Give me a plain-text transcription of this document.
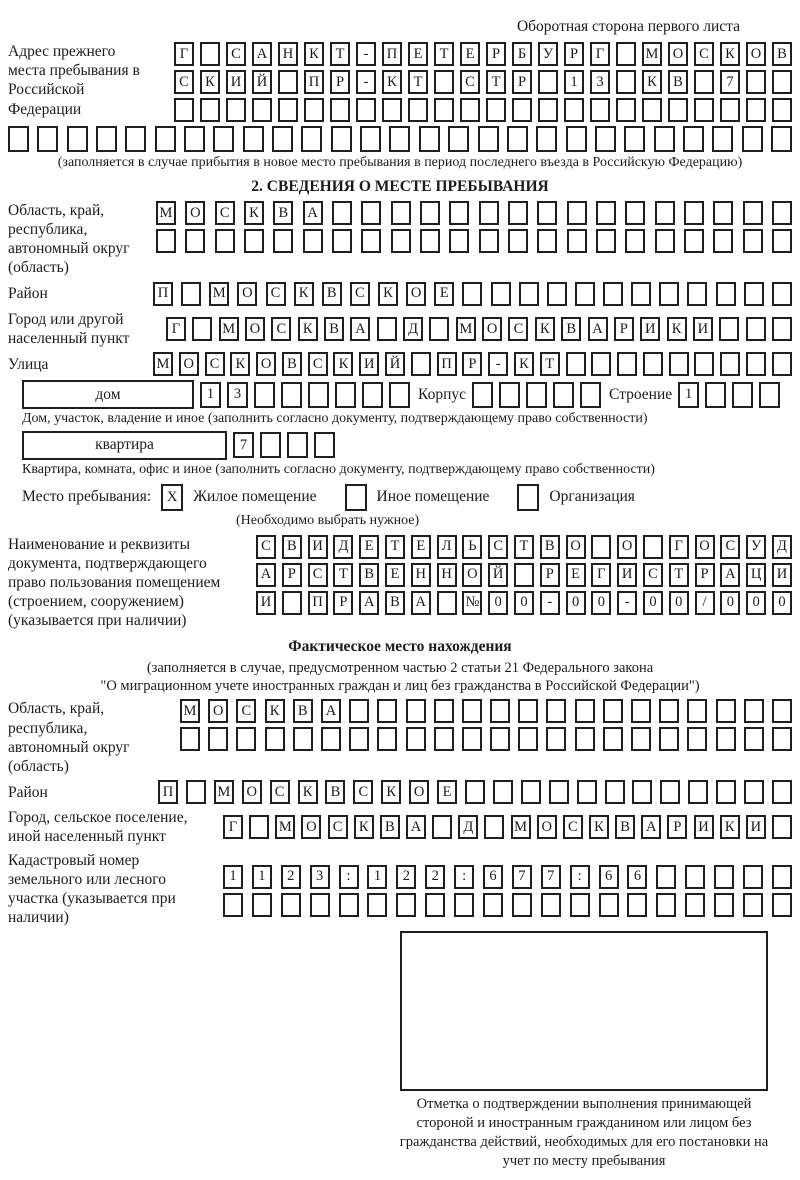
Оборотная сторона первого листа
Адрес прежнего места пребывания в Российской Федерации
Г	С	А	Н	К	Т	-	П	Е	Т	Е	Р	Б	У	Р	Г	М О	С	К	О	В
С	К	И	Й	П	Р	-	К	Т	С	Т	Р	1	3	К	В	7
(заполняется в случае прибытия в новое место пребывания в период последнего въезда в Российскую Федерацию)
2. СВЕДЕНИЯ О МЕСТЕ ПРЕБЫВАНИЯ
Область, край, республика, автономный округ (область)
М	О	С	К	В	А
Район	П	М	О	С	К	В	С	К	О	Е
Город или другой населенный пункт
Г	М	О	С	К	В	А	Д	М	О	С	К	В	А	Р	И	К	И
Улица	М О	С	К	О	В	С	К	И	Й	П	Р	-	К	Т
дом	1	3	Корпус	Строение 1
Дом, участок, владение и иное (заполнить согласно документу, подтверждающему право собственности)
квартира	7
Квартира, комната, офис и иное (заполнить согласно документу, подтверждающему право собственности)
Место пребывания:	X	Жилое помещение	Иное помещение	Организация
(Необходимо выбрать нужное)
Наименование и реквизиты документа, подтверждающего право пользования помещением (строением, сооружением) (указывается при наличии)
С	В	И	Д	Е	Т	Е	Л	Ь	С	Т	В	О	О	Г	О	С	У	Д
А	Р	С	Т	В	Е	Н	Н	О	Й	Р	Е	Г	И	С	Т	Р	А	Ц	И
И	П	Р	А	В	А	№	0	0	-	0	0	-	0	0	/	0	0	0
Фактическое место нахождения
(заполняется в случае, предусмотренном частью 2 статьи 21 Федерального закона
"О миграционном учете иностранных граждан и лиц без гражданства в Российской Федерации")
Область, край, республика, автономный округ (область)
М	О	С	К	В	А
Район	П	М	О	С	К	В	С	К	О	Е
Город, сельское поселение, иной населенный пункт
Г	М О	С	К	В	А	Д	М О	С	К	В	А	Р	И	К	И
Кадастровый номер земельного или лесного участка (указывается при наличии)
1	1	2	3	:	1	2	2	:	6	7	7	:	6	6
Отметка о подтверждении выполнения принимающей стороной и иностранным гражданином или лицом без гражданства действий, необходимых для его постановки на учет по месту пребывания
